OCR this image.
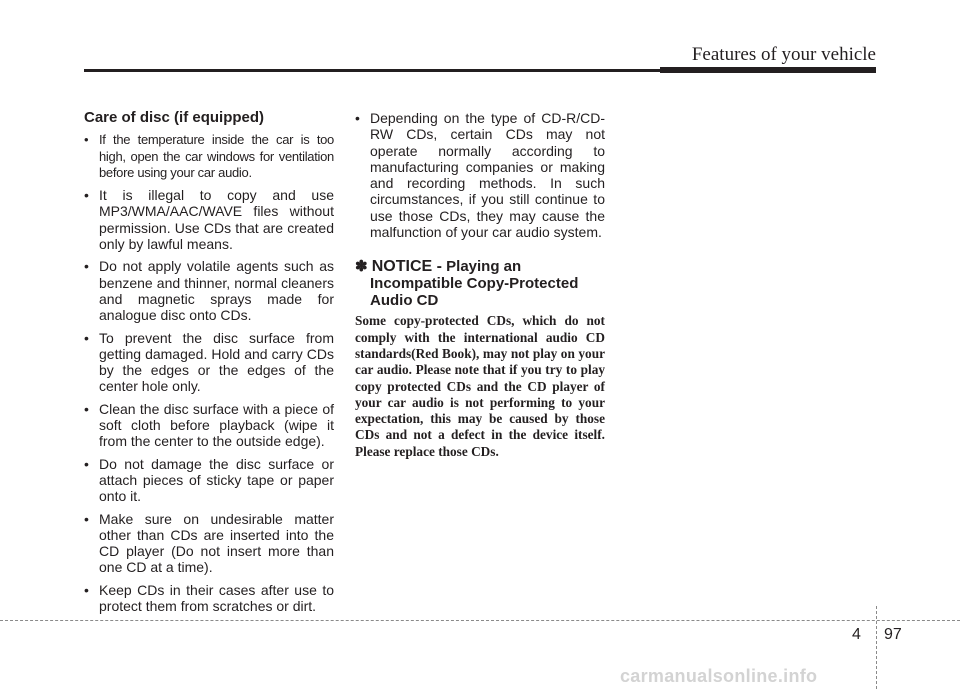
Features of your vehicle
Care of disc (if equipped)
• If the temperature inside the car is too high, open the car windows for ventilation before using your car audio.
• It is illegal to copy and use MP3/WMA/AAC/WAVE files without permission. Use CDs that are created only by lawful means.
• Do not apply volatile agents such as benzene and thinner, normal cleaners and magnetic sprays made for analogue disc onto CDs.
• To prevent the disc surface from getting damaged. Hold and carry CDs by the edges or the edges of the center hole only.
• Clean the disc surface with a piece of soft cloth before playback (wipe it from the center to the outside edge).
• Do not damage the disc surface or attach pieces of sticky tape or paper onto it.
• Make sure on undesirable matter other than CDs are inserted into the CD player (Do not insert more than one CD at a time).
• Keep CDs in their cases after use to protect them from scratches or dirt.
• Depending on the type of CD-R/CD-RW CDs, certain CDs may not operate normally according to manufacturing companies or making and recording methods. In such circumstances, if you still continue to use those CDs, they may cause the malfunction of your car audio system.
✽ NOTICE - Playing an Incompatible Copy-Protected Audio CD
Some copy-protected CDs, which do not comply with the international audio CD standards(Red Book), may not play on your car audio. Please note that if you try to play copy protected CDs and the CD player of your car audio is not performing to your expectation, this may be caused by those CDs and not a defect in the device itself. Please replace those CDs.
4 97
carmanualsonline.info
